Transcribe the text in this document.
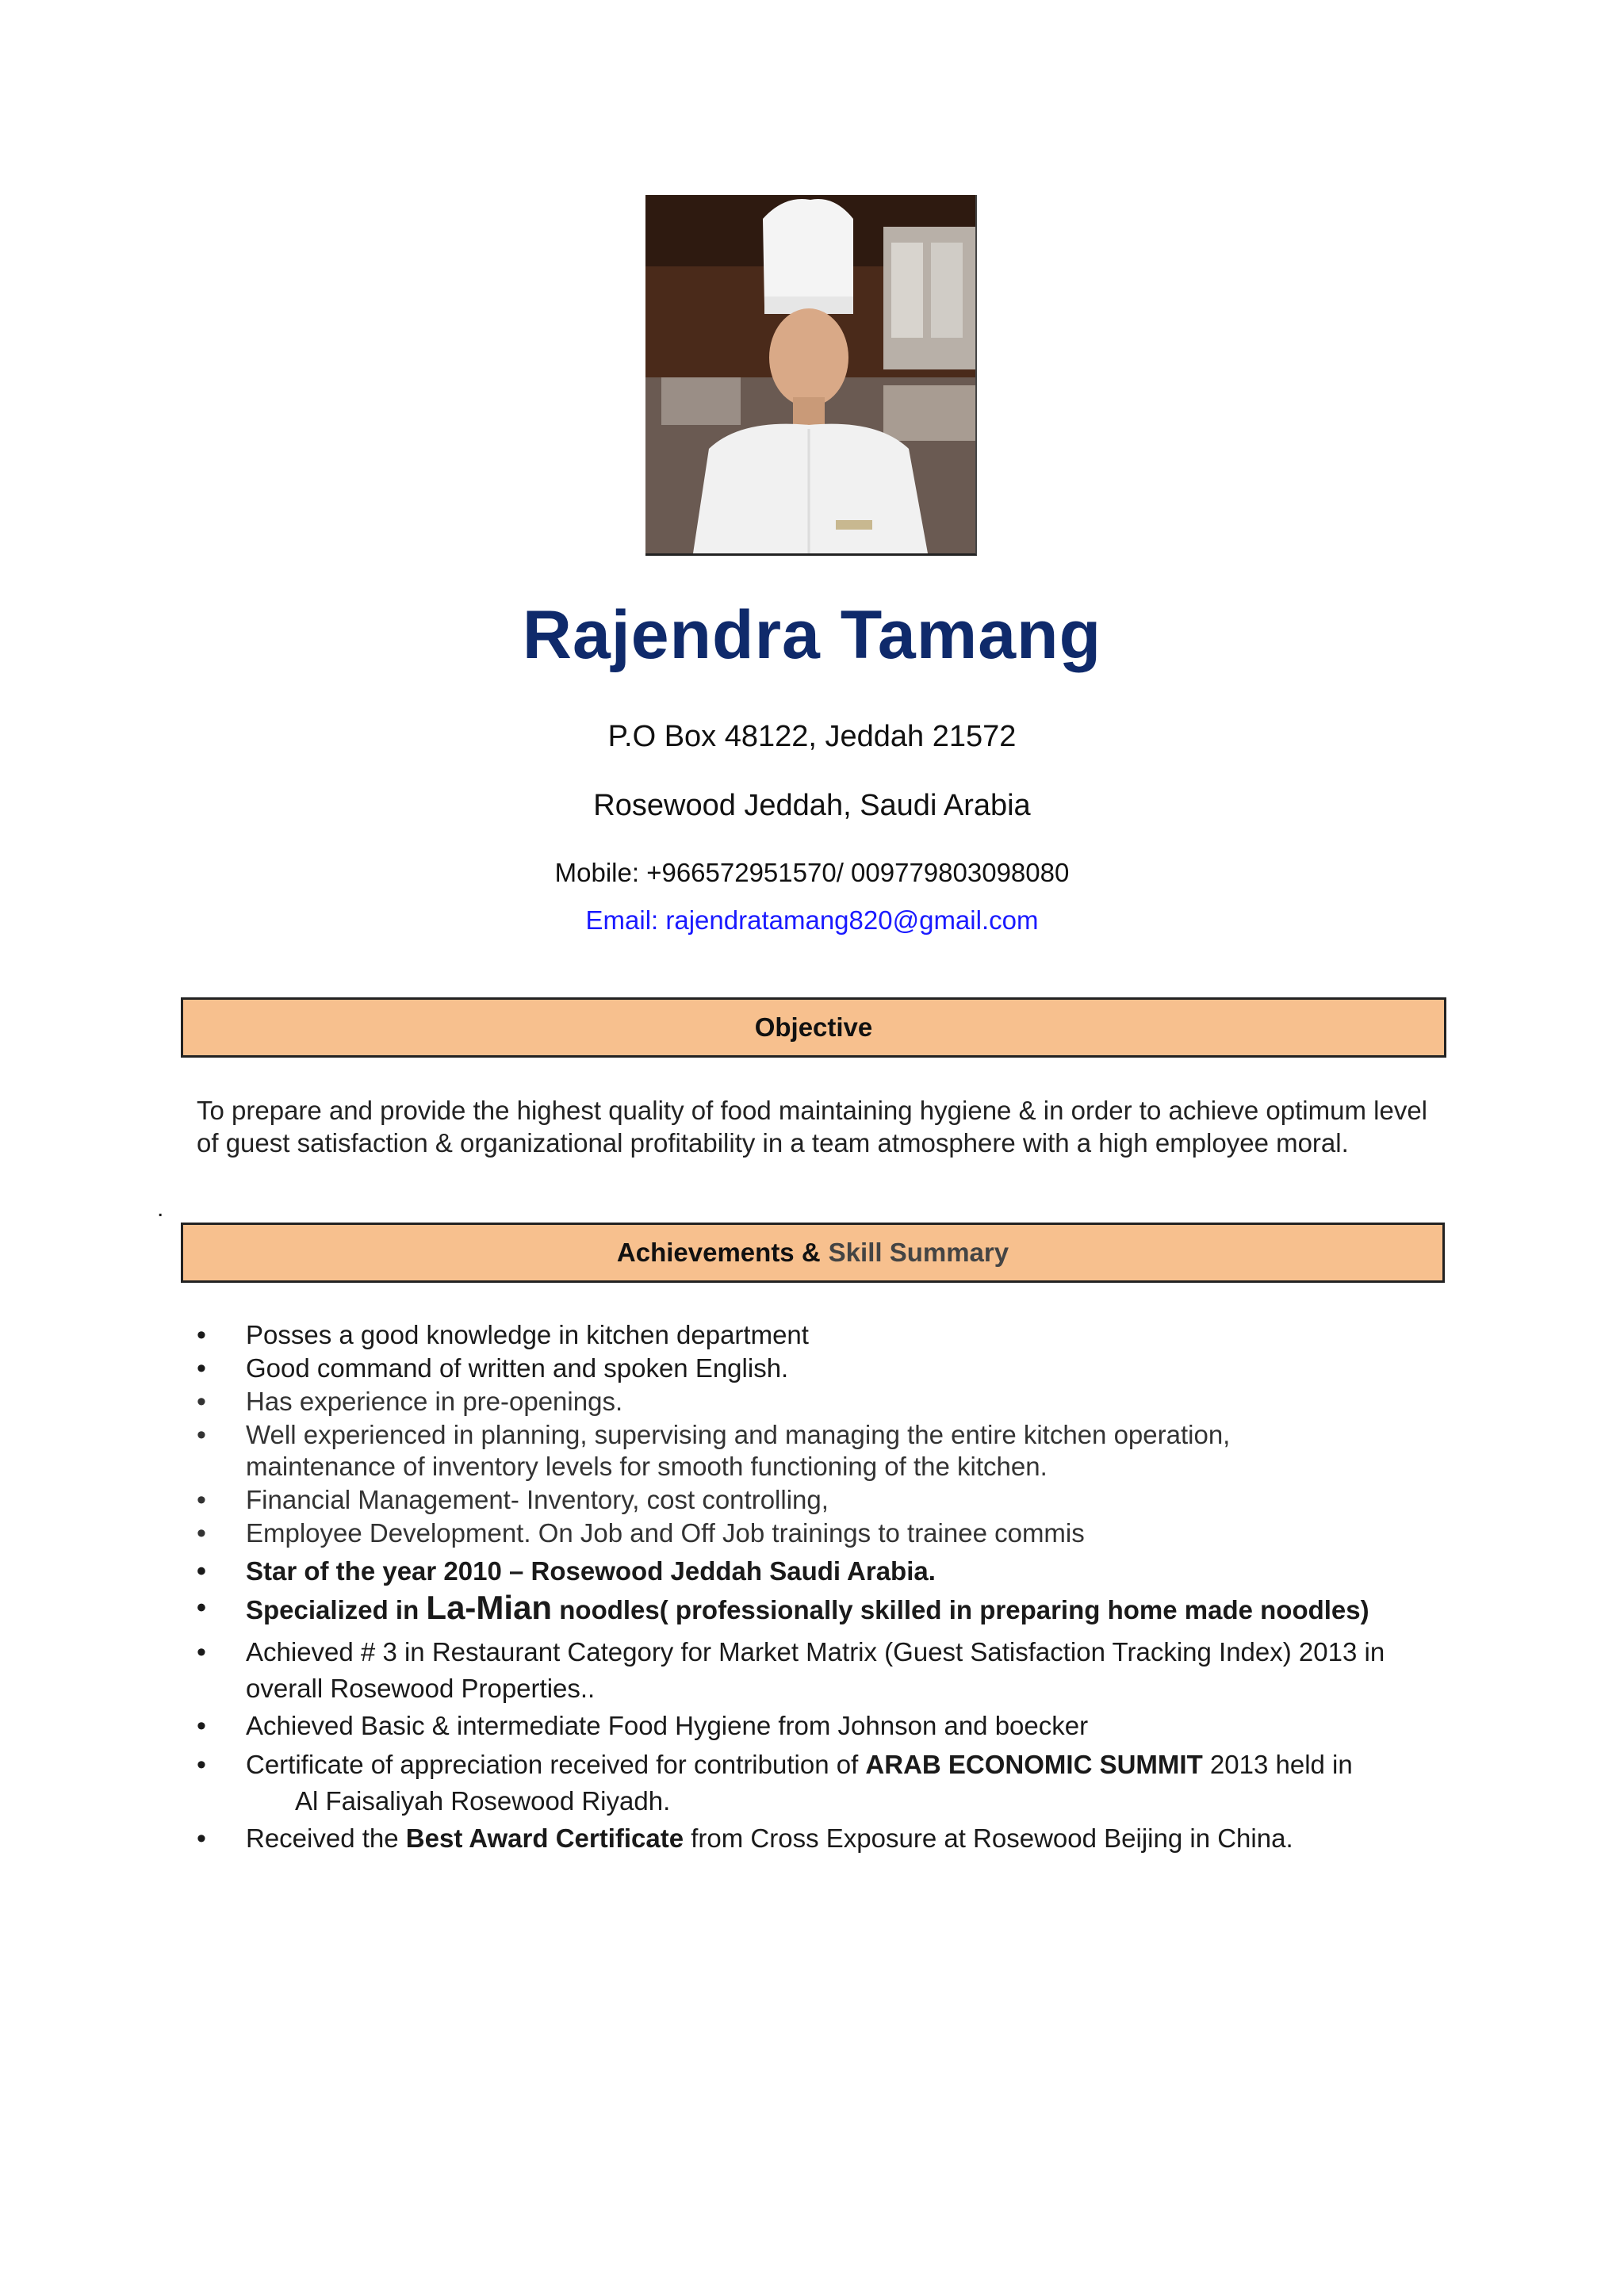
Rajendra Tamang
P.O Box 48122, Jeddah 21572
Rosewood Jeddah, Saudi Arabia
Mobile: +966572951570/ 009779803098080
Email: rajendratamang820@gmail.com
Objective
To prepare and provide the highest quality of food maintaining hygiene & in order to achieve optimum level of guest satisfaction & organizational profitability in a team atmosphere with a high employee moral.
.
Achievements & Skill Summary
• Posses a good knowledge in kitchen department
• Good command of written and spoken English.
• Has experience in pre-openings.
• Well experienced in planning, supervising and managing the entire kitchen operation, maintenance of inventory levels for smooth functioning of the kitchen.
• Financial Management- Inventory, cost controlling,
• Employee Development. On Job and Off Job trainings to trainee commis
• Star of the year 2010 – Rosewood Jeddah Saudi Arabia.
• Specialized in La-Mian noodles( professionally skilled in preparing home made noodles)
• Achieved # 3 in Restaurant Category for Market Matrix (Guest Satisfaction Tracking Index) 2013 in overall Rosewood Properties..
• Achieved Basic & intermediate Food Hygiene from Johnson and boecker
• Certificate of appreciation received for contribution of ARAB ECONOMIC SUMMIT 2013 held in
Al Faisaliyah Rosewood Riyadh.
• Received the Best Award Certificate from Cross Exposure at Rosewood Beijing in China.
